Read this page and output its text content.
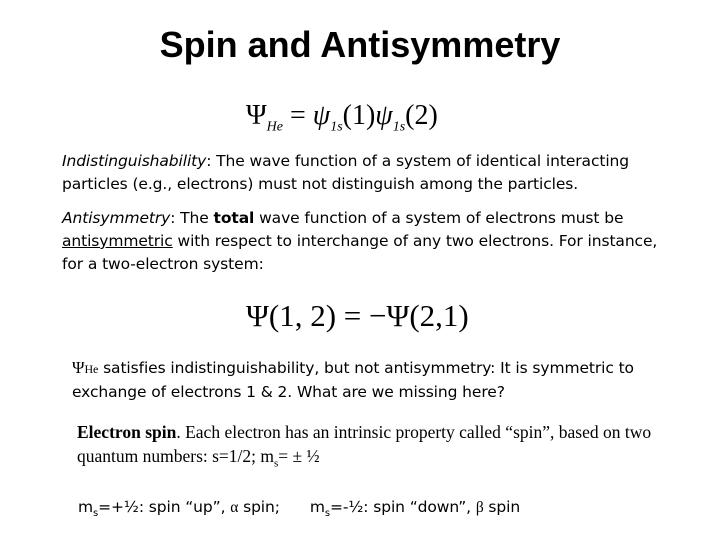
Spin and Antisymmetry
$\Psi_{He} = \psi_{1s}(1)\psi_{1s}(2)$
Indistinguishability: The wave function of a system of identical interacting particles (e.g., electrons) must not distinguish among the particles.
Antisymmetry: The total wave function of a system of electrons must be antisymmetric with respect to interchange of any two electrons. For instance, for a two-electron system:
Ψ(1, 2) = −Ψ(2,1)
ΨHe satisfies indistinguishability, but not antisymmetry: It is symmetric to exchange of electrons 1 & 2. What are we missing here?
Electron spin. Each electron has an intrinsic property called “spin”, based on two quantum numbers: s=1/2; $m_s=$ ± ½
$m_s=+\frac{1}{2}$: spin “up”, α spin; $m_s=-\frac{1}{2}$: spin “down”, β spin
